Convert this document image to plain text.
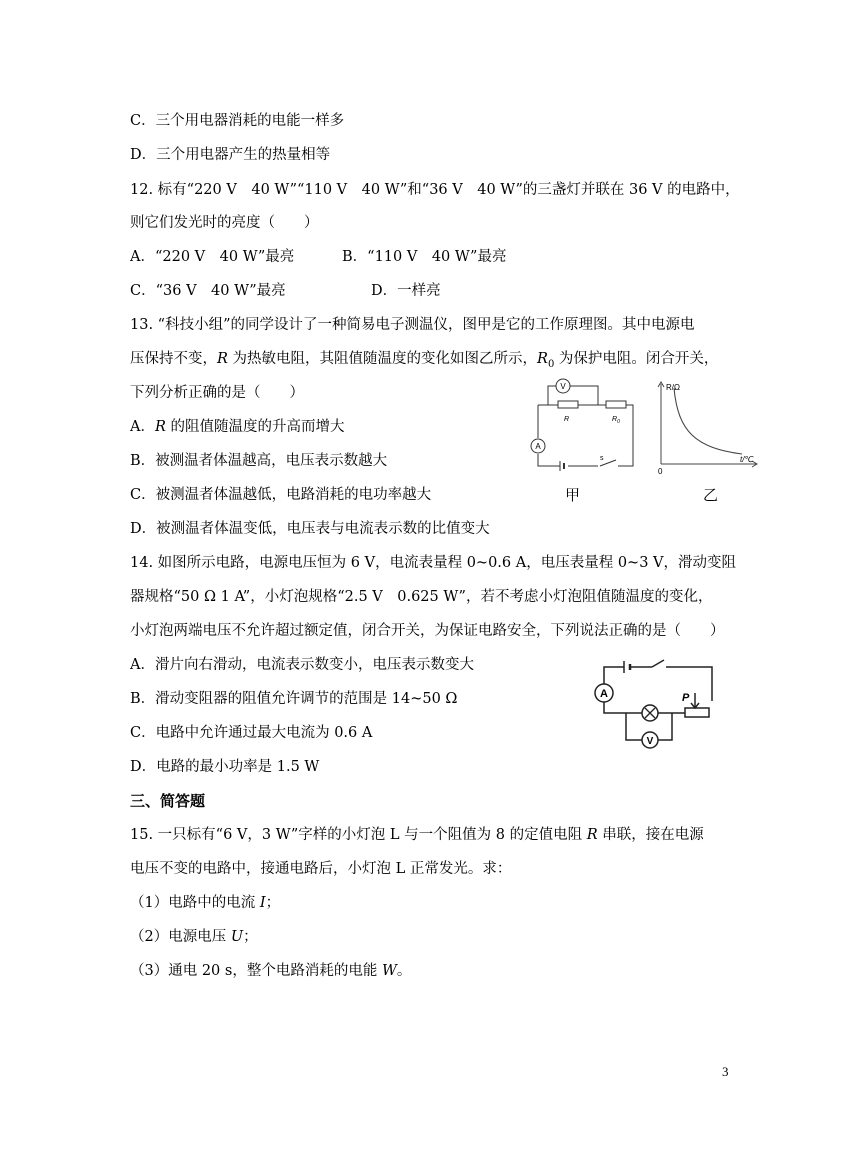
C．三个用电器消耗的电能一样多
D．三个用电器产生的热量相等
12. 标有“220 V　40 W”“110 V　40 W”和“36 V　40 W”的三盏灯并联在 36 V 的电路中，
则它们发光时的亮度（　　）
A．“220 V　40 W”最亮	B．“110 V　40 W”最亮
C．“36 V　40 W”最亮	D．一样亮
13. “科技小组”的同学设计了一种简易电子测温仪，图甲是它的工作原理图。其中电源电
压保持不变，R 为热敏电阻，其阻值随温度的变化如图乙所示，$R_0$ 为保护电阻。闭合开关，
下列分析正确的是（　　）
A．R 的阻值随温度的升高而增大
B．被测温者体温越高，电压表示数越大
C．被测温者体温越低，电路消耗的电功率越大
D．被测温者体温变低，电压表与电流表示数的比值变大
14. 如图所示电路，电源电压恒为 6 V，电流表量程 0~0.6 A，电压表量程 0~3 V，滑动变阻
器规格“50 Ω 1 A”，小灯泡规格“2.5 V　0.625 W”，若不考虑小灯泡阻值随温度的变化，
小灯泡两端电压不允许超过额定值，闭合开关，为保证电路安全，下列说法正确的是（　　）
A．滑片向右滑动，电流表示数变小，电压表示数变大
B．滑动变阻器的阻值允许调节的范围是 14~50 Ω
C．电路中允许通过最大电流为 0.6 A
D．电路的最小功率是 1.5 W
三、简答题
15. 一只标有“6 V，3 W”字样的小灯泡 L 与一个阻值为 8 的定值电阻 R 串联，接在电源
电压不变的电路中，接通电路后，小灯泡 L 正常发光。求：
（1）电路中的电流 I；
（2）电源电压 U；
（3）通电 20 s，整个电路消耗的电能 W。
V
A
R	$R_0$
s
R/Ω
t/℃
0
甲	乙
A
V
P
3
